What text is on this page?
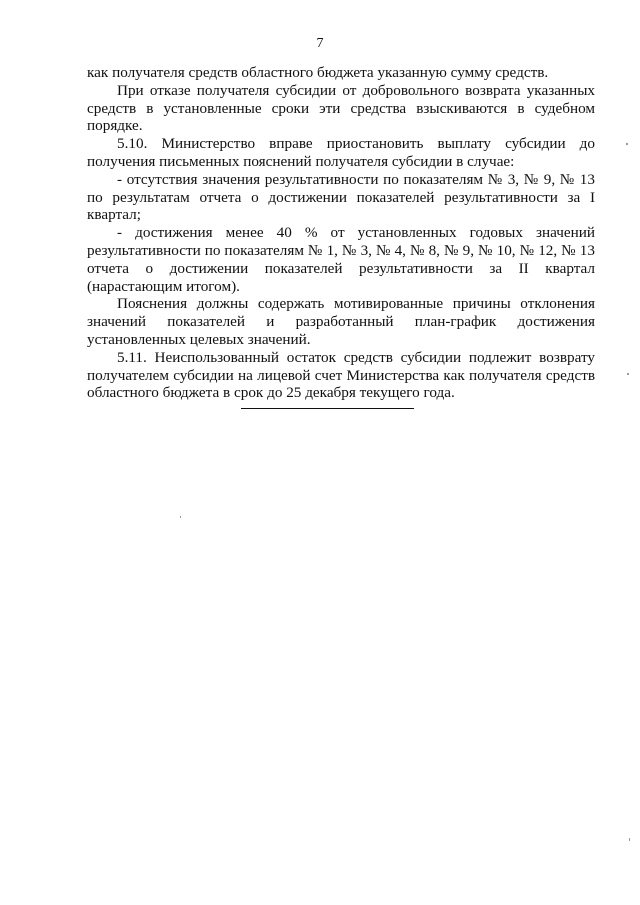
7

как получателя средств областного бюджета указанную сумму средств.

При отказе получателя субсидии от добровольного возврата указанных средств в установленные сроки эти средства взыскиваются в судебном порядке.

5.10. Министерство вправе приостановить выплату субсидии до получения письменных пояснений получателя субсидии в случае:

- отсутствия значения результативности по показателям № 3, № 9, № 13 по результатам отчета о достижении показателей результативности за I квартал;

- достижения менее 40 % от установленных годовых значений результативности по показателям № 1, № 3, № 4, № 8, № 9, № 10, № 12, № 13 отчета о достижении показателей результативности за II квартал (нарастающим итогом).

Пояснения должны содержать мотивированные причины отклонения значений показателей и разработанный план-график достижения установленных целевых значений.

5.11. Неиспользованный остаток средств субсидии подлежит возврату получателем субсидии на лицевой счет Министерства как получателя средств областного бюджета в срок до 25 декабря текущего года.
